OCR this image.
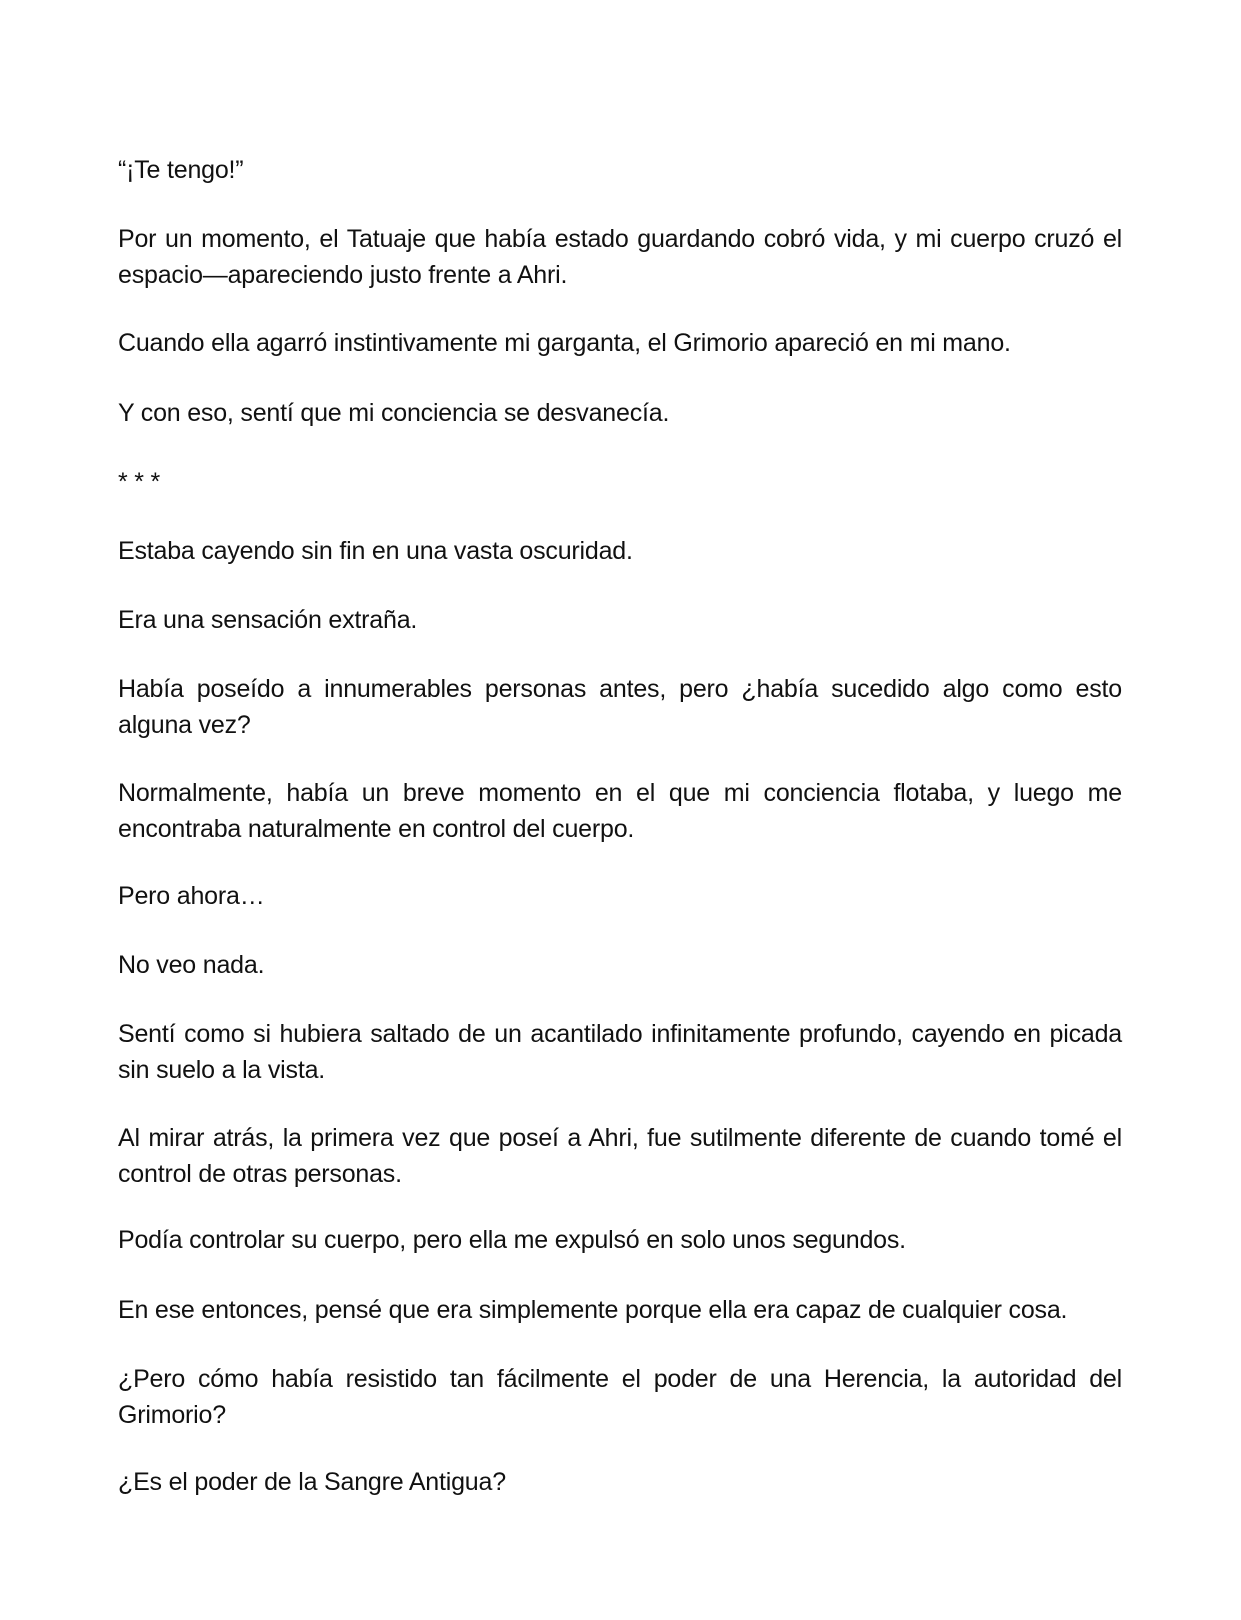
“¡Te tengo!”

Por un momento, el Tatuaje que había estado guardando cobró vida, y mi cuerpo cruzó el espacio—apareciendo justo frente a Ahri.

Cuando ella agarró instintivamente mi garganta, el Grimorio apareció en mi mano.

Y con eso, sentí que mi conciencia se desvanecía.

* * *

Estaba cayendo sin fin en una vasta oscuridad.

Era una sensación extraña.

Había poseído a innumerables personas antes, pero ¿había sucedido algo como esto alguna vez?

Normalmente, había un breve momento en el que mi conciencia flotaba, y luego me encontraba naturalmente en control del cuerpo.

Pero ahora…

No veo nada.

Sentí como si hubiera saltado de un acantilado infinitamente profundo, cayendo en picada sin suelo a la vista.

Al mirar atrás, la primera vez que poseí a Ahri, fue sutilmente diferente de cuando tomé el control de otras personas.

Podía controlar su cuerpo, pero ella me expulsó en solo unos segundos.

En ese entonces, pensé que era simplemente porque ella era capaz de cualquier cosa.

¿Pero cómo había resistido tan fácilmente el poder de una Herencia, la autoridad del Grimorio?

¿Es el poder de la Sangre Antigua?
